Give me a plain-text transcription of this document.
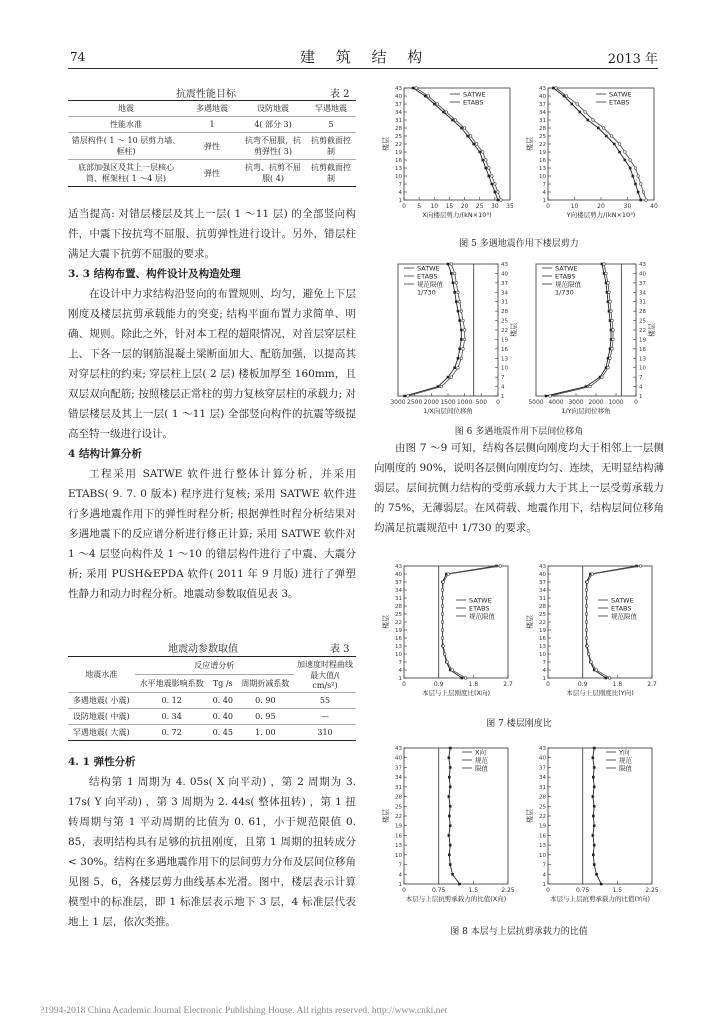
74	建 筑 结 构	2013 年
抗震性能目标	表 2
地震	多遇地震	设防地震	罕遇地震
性能水准	1	4( 部分 3)	5
错层构件( 1 ～ 10 层剪力墙、框柱)	弹性	抗弯不屈服，抗剪弹性( 3)	抗剪截面控制
底部加强区及其上一层核心筒、框架柱( 1 ～4 层)	弹性	抗弯、抗剪不屈服( 4)	抗剪截面控制

适当提高: 对错层楼层及其上一层( 1 ～11 层) 的全部竖向构件，中震下按抗弯不屈服、抗剪弹性进行设计。另外，错层柱满足大震下抗剪不屈服的要求。

3. 3 结构布置、构件设计及构造处理

在设计中力求结构沿竖向的布置规则、均匀，避免上下层刚度及楼层抗剪承载能力的突变; 结构平面布置力求简单、明确、规则。除此之外，针对本工程的超限情况，对首层穿层柱上、下各一层的钢筋混凝土梁断面加大、配筋加强，以提高其对穿层柱的约束; 穿层柱上层( 2 层) 楼板加厚至 160mm，且双层双向配筋; 按照楼层正常柱的剪力复核穿层柱的承载力; 对错层楼层及其上一层( 1 ～11 层) 全部竖向构件的抗震等级提高至特一级进行设计。

4 结构计算分析

工程采用 SATWE 软件进行整体计算分析，并采用 ETABS( 9. 7. 0 版本) 程序进行复核; 采用 SATWE 软件进行多遇地震作用下的弹性时程分析; 根据弹性时程分析结果对多遇地震下的反应谱分析进行修正计算; 采用 SATWE 软件对 1 ～4 层竖向构件及 1 ～10 的错层构件进行了中震、大震分析; 采用 PUSH&EPDA 软件( 2011 年 9 月版) 进行了弹塑性静力和动力时程分析。地震动参数取值见表 3。

地震动参数取值	表 3
地震水准	反应谱分析			加速度时程曲线最大值/( cm/s²)
	水平地震影响系数	Tg /s	周期折减系数	
多遇地震( 小震)	0. 12	0. 40	0. 90	55
设防地震( 中震)	0. 34	0. 40	0. 95	—
罕遇地震( 大震)	0. 72	0. 45	1. 00	310
4. 1 弹性分析

结构第 1 周期为 4. 05s( X 向平动) ，第 2 周期为 3. 17s( Y 向平动) ，第 3 周期为 2. 44s( 整体扭转) ，第 1 扭转周期与第 1 平动周期的比值为 0. 61，小于规范限值 0. 85，表明结构具有足够的抗扭刚度，且第 1 周期的扭转成分 < 30%。结构在多遇地震作用下的层间剪力分布及层间位移角见图 5，6，各楼层剪力曲线基本光滑。图中，楼层表示计算模型中的标准层，即 1 标准层表示地下 3 层，4 标准层代表地上 1 层，依次类推。

由图 7 ～9 可知，结构各层侧向刚度均大于相邻上一层侧向刚度的 90%，说明各层侧向刚度均匀、连续，无明显结构薄弱层。层间抗侧力结构的受剪承载力大于其上一层受剪承载力的 75%，无薄弱层。在风荷载、地震作用下，结构层间位移角均满足抗震规范中 1/730 的要求。

1
4
7
10
13
16
19
22
25
28
31
34
37
40
43
楼层
0 5 10 15 20 25 30 35
X向楼层剪力/(kN×10³)
SATWE
ETABS
1
4
7
10
13
16
19
22
25
28
31
34
37
40
43
楼层
0	10	20	30	40
Y向楼层剪力/(kN×10³)
SATWE
ETABS
1
4
7
10
13
16
19
22
25
28
31
34
37
40
43
楼层
3000 2500 2000 1500 1000 500 0
1/X向层间位移角
SATWE
ETABS
规范限值
1/730
1
4
7
10
13
16
19
22
25
28
31
34
37
40
43
楼层
5000 4000 3000 2000 1000 0
1/Y向层间位移角
SATWE
ETABS
规范限值
1/730
1
4
7
10
13
16
19
22
25
28
31
34
37
40
43
楼层
0	0.9	1.8	2.7
本层与上层刚度比(X向)
SATWE
ETABS
规范限值
1
4
7
10
13
16
19
22
25
28
31
34
37
40
43
楼层
0	0.9	1.8	2.7
本层与上层刚度比(Y向)
SATWE
ETABS
规范限值
1
4
7
10
13
16
19
22
25
28
31
34
37
40
43
楼层
0	0.75	1.5	2.25
本层与上层抗剪承载力的比值(X向)
X向
规范
限值
1
4
7
10
13
16
19
22
25
28
31
34
37
40
43
楼层
0	0.75	1.5	2.25
本层与上层抗剪承载力的比值(Y向)
Y向
规范
限值
图 5 多遇地震作用下楼层剪力
图 6 多遇地震作用下层间位移角
图 7 楼层刚度比
图 8 本层与上层抗剪承载力的比值
?1994-2018 China Academic Journal Electronic Publishing House. All rights reserved. http://www.cnki.net
